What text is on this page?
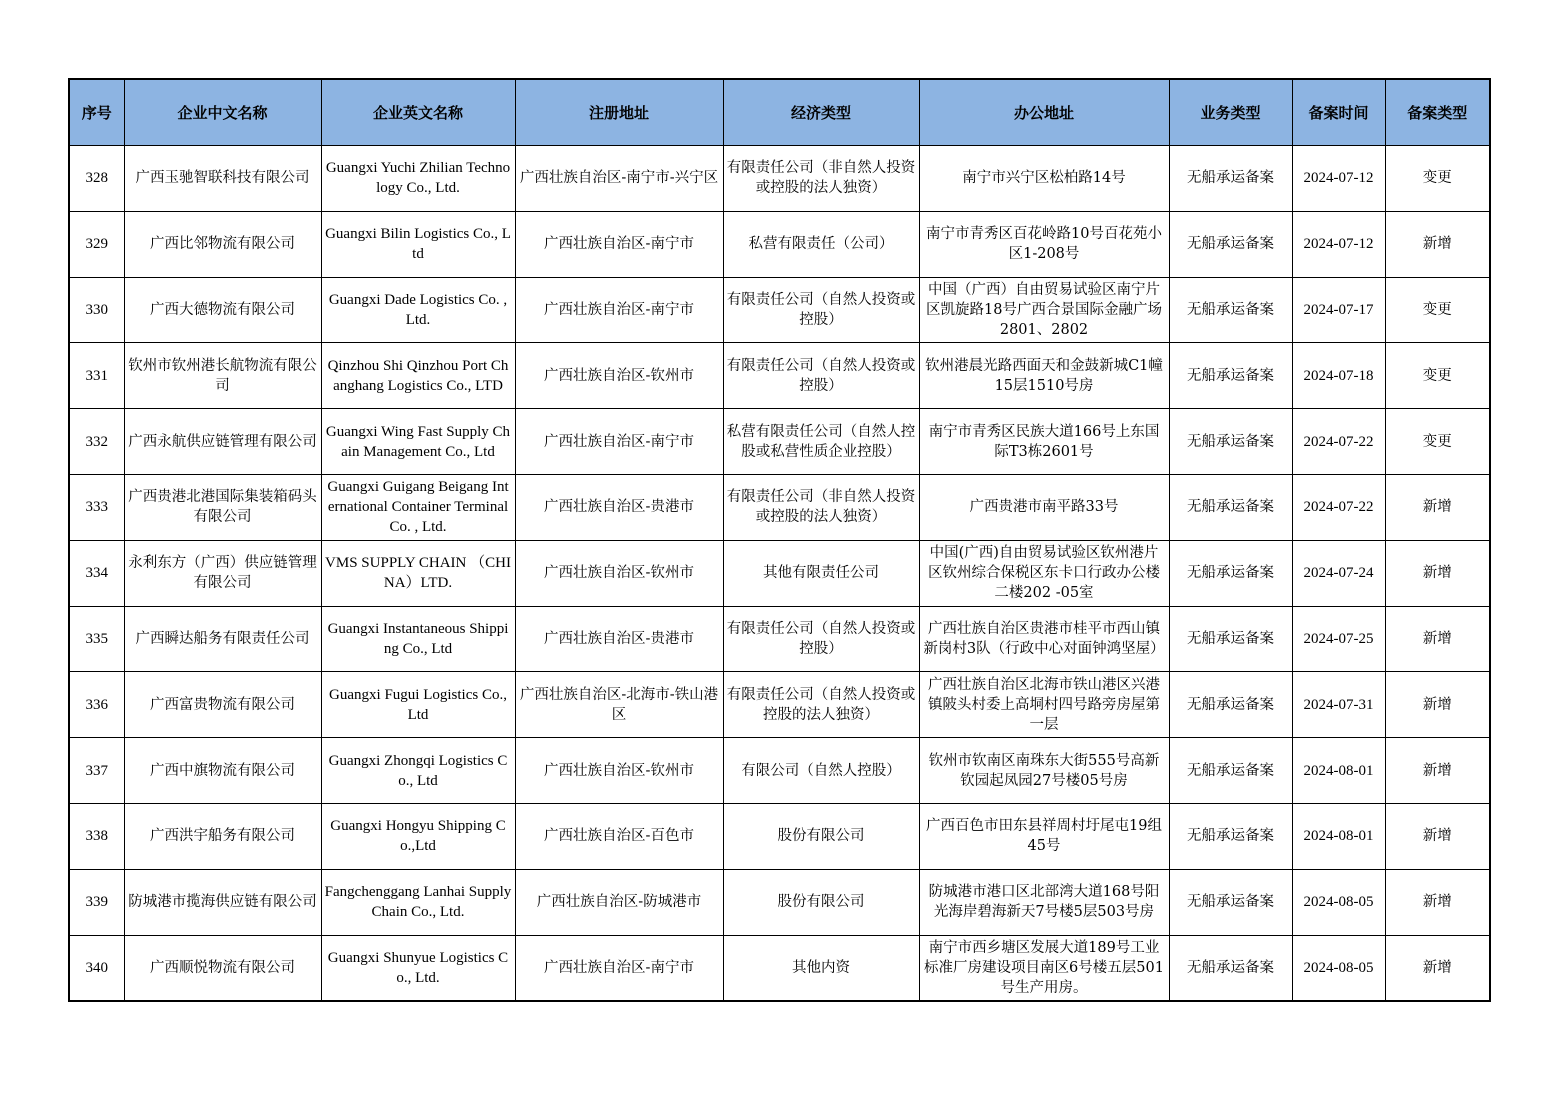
序号	企业中文名称	企业英文名称	注册地址	经济类型	办公地址	业务类型	备案时间	备案类型
328	广西玉驰智联科技有限公司	Guangxi Yuchi Zhilian Technology Co., Ltd.	广西壮族自治区-南宁市-兴宁区	有限责任公司（非自然人投资或控股的法人独资）	南宁市兴宁区松柏路14号	无船承运备案	2024-07-12	变更
329	广西比邻物流有限公司	Guangxi Bilin Logistics Co., Ltd	广西壮族自治区-南宁市	私营有限责任（公司）	南宁市青秀区百花岭路10号百花苑小区1-208号	无船承运备案	2024-07-12	新增
330	广西大德物流有限公司	Guangxi Dade Logistics Co. ,Ltd.	广西壮族自治区-南宁市	有限责任公司（自然人投资或控股）	中国（广西）自由贸易试验区南宁片区凯旋路18号广西合景国际金融广场2801、2802	无船承运备案	2024-07-17	变更
331	钦州市钦州港长航物流有限公司	Qinzhou Shi Qinzhou Port Changhang Logistics Co., LTD	广西壮族自治区-钦州市	有限责任公司（自然人投资或控股）	钦州港晨光路西面天和金鼓新城C1幢15层1510号房	无船承运备案	2024-07-18	变更
332	广西永航供应链管理有限公司	Guangxi Wing Fast Supply Chain Management Co., Ltd	广西壮族自治区-南宁市	私营有限责任公司（自然人控股或私营性质企业控股）	南宁市青秀区民族大道166号上东国际T3栋2601号	无船承运备案	2024-07-22	变更
333	广西贵港北港国际集装箱码头有限公司	Guangxi Guigang Beigang International Container Terminal Co. , Ltd.	广西壮族自治区-贵港市	有限责任公司（非自然人投资或控股的法人独资）	广西贵港市南平路33号	无船承运备案	2024-07-22	新增
334	永利东方（广西）供应链管理有限公司	VMS SUPPLY CHAIN （CHINA）LTD.	广西壮族自治区-钦州市	其他有限责任公司	中国(广西)自由贸易试验区钦州港片区钦州综合保税区东卡口行政办公楼二楼202 -05室	无船承运备案	2024-07-24	新增
335	广西瞬达船务有限责任公司	Guangxi Instantaneous Shipping Co., Ltd	广西壮族自治区-贵港市	有限责任公司（自然人投资或控股）	广西壮族自治区贵港市桂平市西山镇新岗村3队（行政中心对面钟鸿坚屋）	无船承运备案	2024-07-25	新增
336	广西富贵物流有限公司	Guangxi Fugui Logistics Co., Ltd	广西壮族自治区-北海市-铁山港区	有限责任公司（自然人投资或控股的法人独资）	广西壮族自治区北海市铁山港区兴港镇陂头村委上高垌村四号路旁房屋第一层	无船承运备案	2024-07-31	新增
337	广西中旗物流有限公司	Guangxi Zhongqi Logistics Co., Ltd	广西壮族自治区-钦州市	有限公司（自然人控股）	钦州市钦南区南珠东大街555号高新钦园起凤园27号楼05号房	无船承运备案	2024-08-01	新增
338	广西洪宇船务有限公司	Guangxi Hongyu Shipping Co.,Ltd	广西壮族自治区-百色市	股份有限公司	广西百色市田东县祥周村圩尾屯19组45号	无船承运备案	2024-08-01	新增
339	防城港市揽海供应链有限公司	Fangchenggang Lanhai Supply Chain Co., Ltd.	广西壮族自治区-防城港市	股份有限公司	防城港市港口区北部湾大道168号阳光海岸碧海新天7号楼5层503号房	无船承运备案	2024-08-05	新增
340	广西顺悦物流有限公司	Guangxi Shunyue Logistics Co., Ltd.	广西壮族自治区-南宁市	其他内资	南宁市西乡塘区发展大道189号工业标准厂房建设项目南区6号楼五层501号生产用房。	无船承运备案	2024-08-05	新增
